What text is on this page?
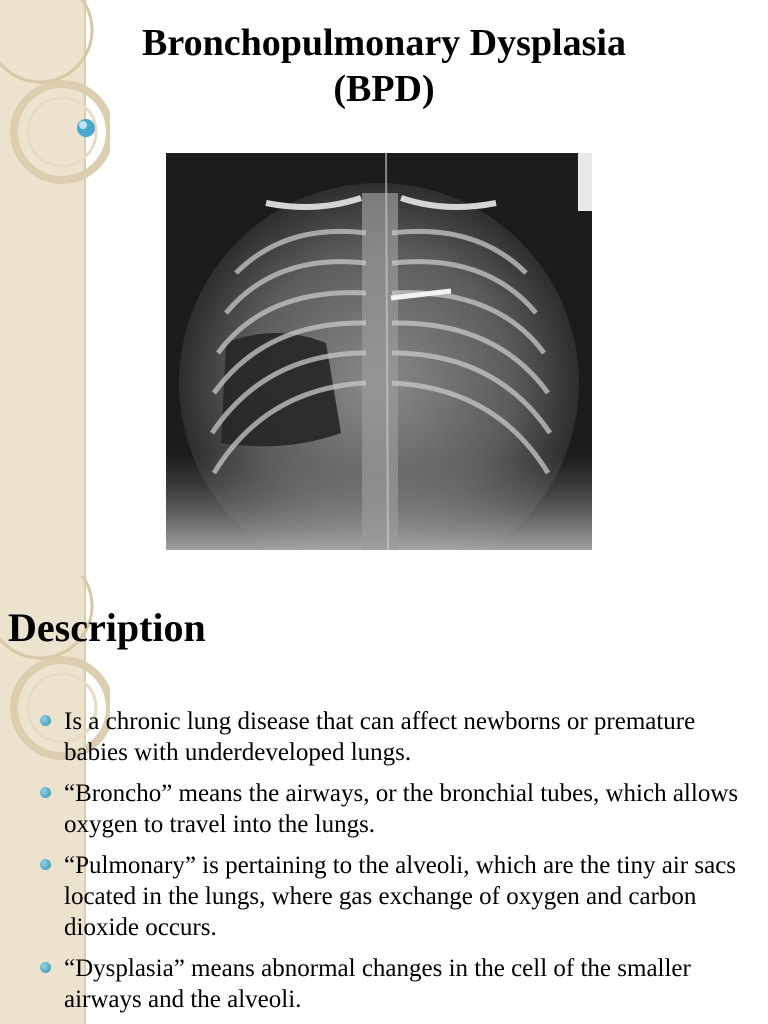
Bronchopulmonary Dysplasia
(BPD)
Description
Is a chronic lung disease that can affect newborns or premature babies with underdeveloped lungs.
“Broncho” means the airways, or the bronchial tubes, which allows oxygen to travel into the lungs.
“Pulmonary” is pertaining to the alveoli, which are the tiny air sacs located in the lungs, where gas exchange of oxygen and carbon dioxide occurs.
“Dysplasia” means abnormal changes in the cell of the smaller airways and the alveoli.
